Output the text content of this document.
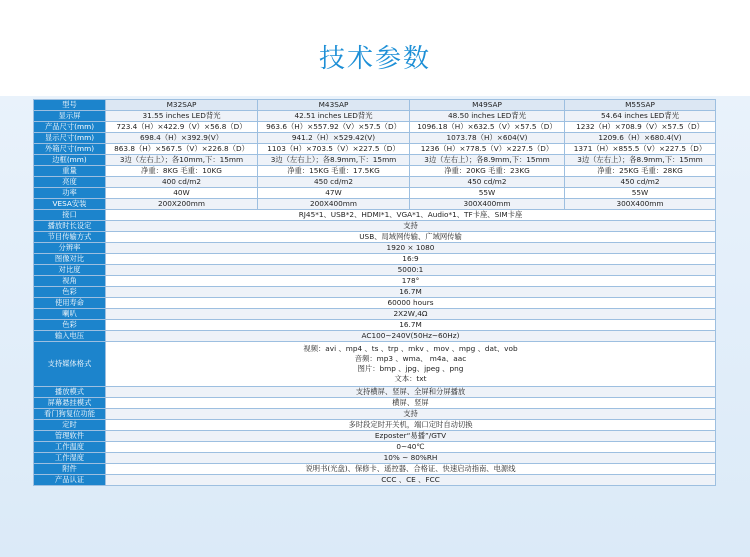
技术参数
型号	M32SAP	M43SAP	M49SAP	M55SAP
显示屏	31.55 inches LED背光	42.51 inches LED背光	48.50 inches LED背光	54.64 inches LED背光
产品尺寸(mm)	723.4（H）×422.9（V）×56.8（D）	963.6（H）×557.92（V）×57.5（D）	1096.18（H）×632.5（V）×57.5（D）	1232（H）×708.9（V）×57.5（D）
显示尺寸(mm)	698.4（H）×392.9(V）	941.2（H）×529.42(V)	1073.78（H）×604(V)	1209.6（H）×680.4(V)
外箱尺寸(mm)	863.8（H）×567.5（V）×226.8（D）	1103（H）×703.5（V）×227.5（D）	1236（H）×778.5（V）×227.5（D）	1371（H）×855.5（V）×227.5（D）
边框(mm)	3边（左右上）；各10mm,下：15mm	3边（左右上）；各8.9mm,下：15mm	3边（左右上）；各8.9mm,下：15mm	3边（左右上）；各8.9mm,下：15mm
重量	净重：8KG 毛重：10KG	净重：15KG 毛重：17.5KG	净重：20KG 毛重：23KG	净重：25KG 毛重：28KG
亮度	400 cd/m2	450 cd/m2	450 cd/m2	450 cd/m2
功率	40W	47W	55W	55W
VESA安装	200X200mm	200X400mm	300X400mm	300X400mm
接口	RJ45*1、USB*2、HDMI*1、VGA*1、Audio*1、TF卡座、SIM卡座			
播放时长设定	支持			
节目传输方式	USB、局域网传输、广域网传输			
分辨率	1920 × 1080			
图像对比	16:9			
对比度	5000:1			
视角	178°			
色彩	16.7M			
使用寿命	60000 hours			
喇叭	2X2W,4Ω			
色彩	16.7M			
输入电压	AC100~240V(50Hz~60Hz)			
支持媒体格式	视频：avi 、mp4 、ts 、trp 、mkv 、mov 、mpg 、dat、vob
音频：mp3 、wma、 m4a、aac
图片：bmp 、jpg、jpeg 、png
文本：txt			

播放模式	支持横屏、竖屏、全屏和分屏播放			
屏幕悬挂模式	横屏、竖屏			
看门狗复位功能	支持			
定时	多时段定时开关机，端口定时自动切换			
管理软件	Ezposter“易播”/GTV			
工作温度	0~40℃			
工作湿度	10% ~ 80%RH			
附件	说明书(光盘)、保修卡、遥控器、合格证、快速启动指南、电源线			
产品认证	CCC 、CE 、FCC			
